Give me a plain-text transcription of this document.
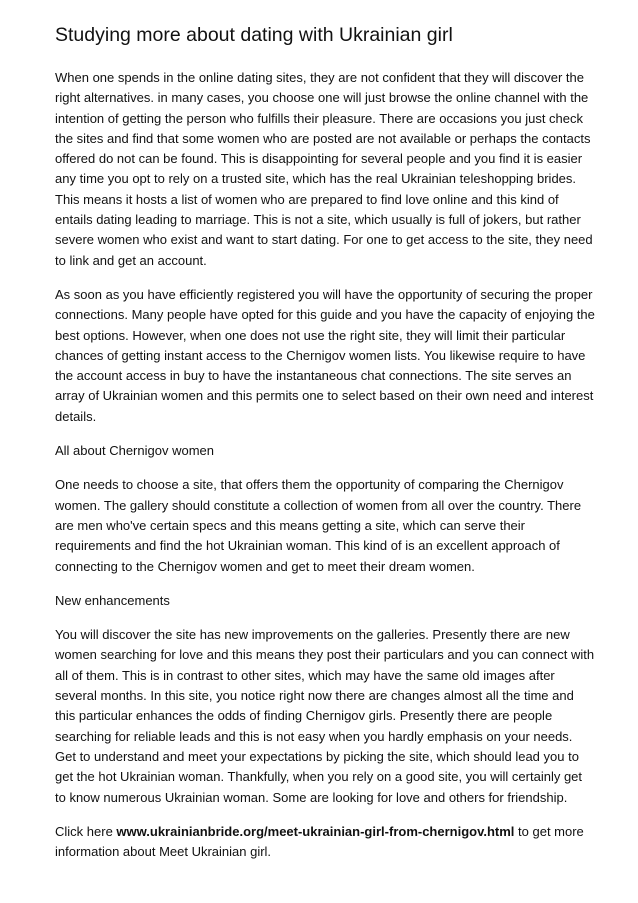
Studying more about dating with Ukrainian girl

When one spends in the online dating sites, they are not confident that they will discover the right alternatives. in many cases, you choose one will just browse the online channel with the intention of getting the person who fulfills their pleasure. There are occasions you just check the sites and find that some women who are posted are not available or perhaps the contacts offered do not can be found. This is disappointing for several people and you find it is easier any time you opt to rely on a trusted site, which has the real Ukrainian teleshopping brides. This means it hosts a list of women who are prepared to find love online and this kind of entails dating leading to marriage. This is not a site, which usually is full of jokers, but rather severe women who exist and want to start dating. For one to get access to the site, they need to link and get an account.

As soon as you have efficiently registered you will have the opportunity of securing the proper connections. Many people have opted for this guide and you have the capacity of enjoying the best options. However, when one does not use the right site, they will limit their particular chances of getting instant access to the Chernigov women lists. You likewise require to have the account access in buy to have the instantaneous chat connections. The site serves an array of Ukrainian women and this permits one to select based on their own need and interest details.

All about Chernigov women

One needs to choose a site, that offers them the opportunity of comparing the Chernigov women. The gallery should constitute a collection of women from all over the country. There are men who've certain specs and this means getting a site, which can serve their requirements and find the hot Ukrainian woman. This kind of is an excellent approach of connecting to the Chernigov women and get to meet their dream women.

New enhancements

You will discover the site has new improvements on the galleries. Presently there are new women searching for love and this means they post their particulars and you can connect with all of them. This is in contrast to other sites, which may have the same old images after several months. In this site, you notice right now there are changes almost all the time and this particular enhances the odds of finding Chernigov girls. Presently there are people searching for reliable leads and this is not easy when you hardly emphasis on your needs. Get to understand and meet your expectations by picking the site, which should lead you to get the hot Ukrainian woman. Thankfully, when you rely on a good site, you will certainly get to know numerous Ukrainian woman. Some are looking for love and others for friendship.

Click here www.ukrainianbride.org/meet-ukrainian-girl-from-chernigov.html to get more information about Meet Ukrainian girl.
